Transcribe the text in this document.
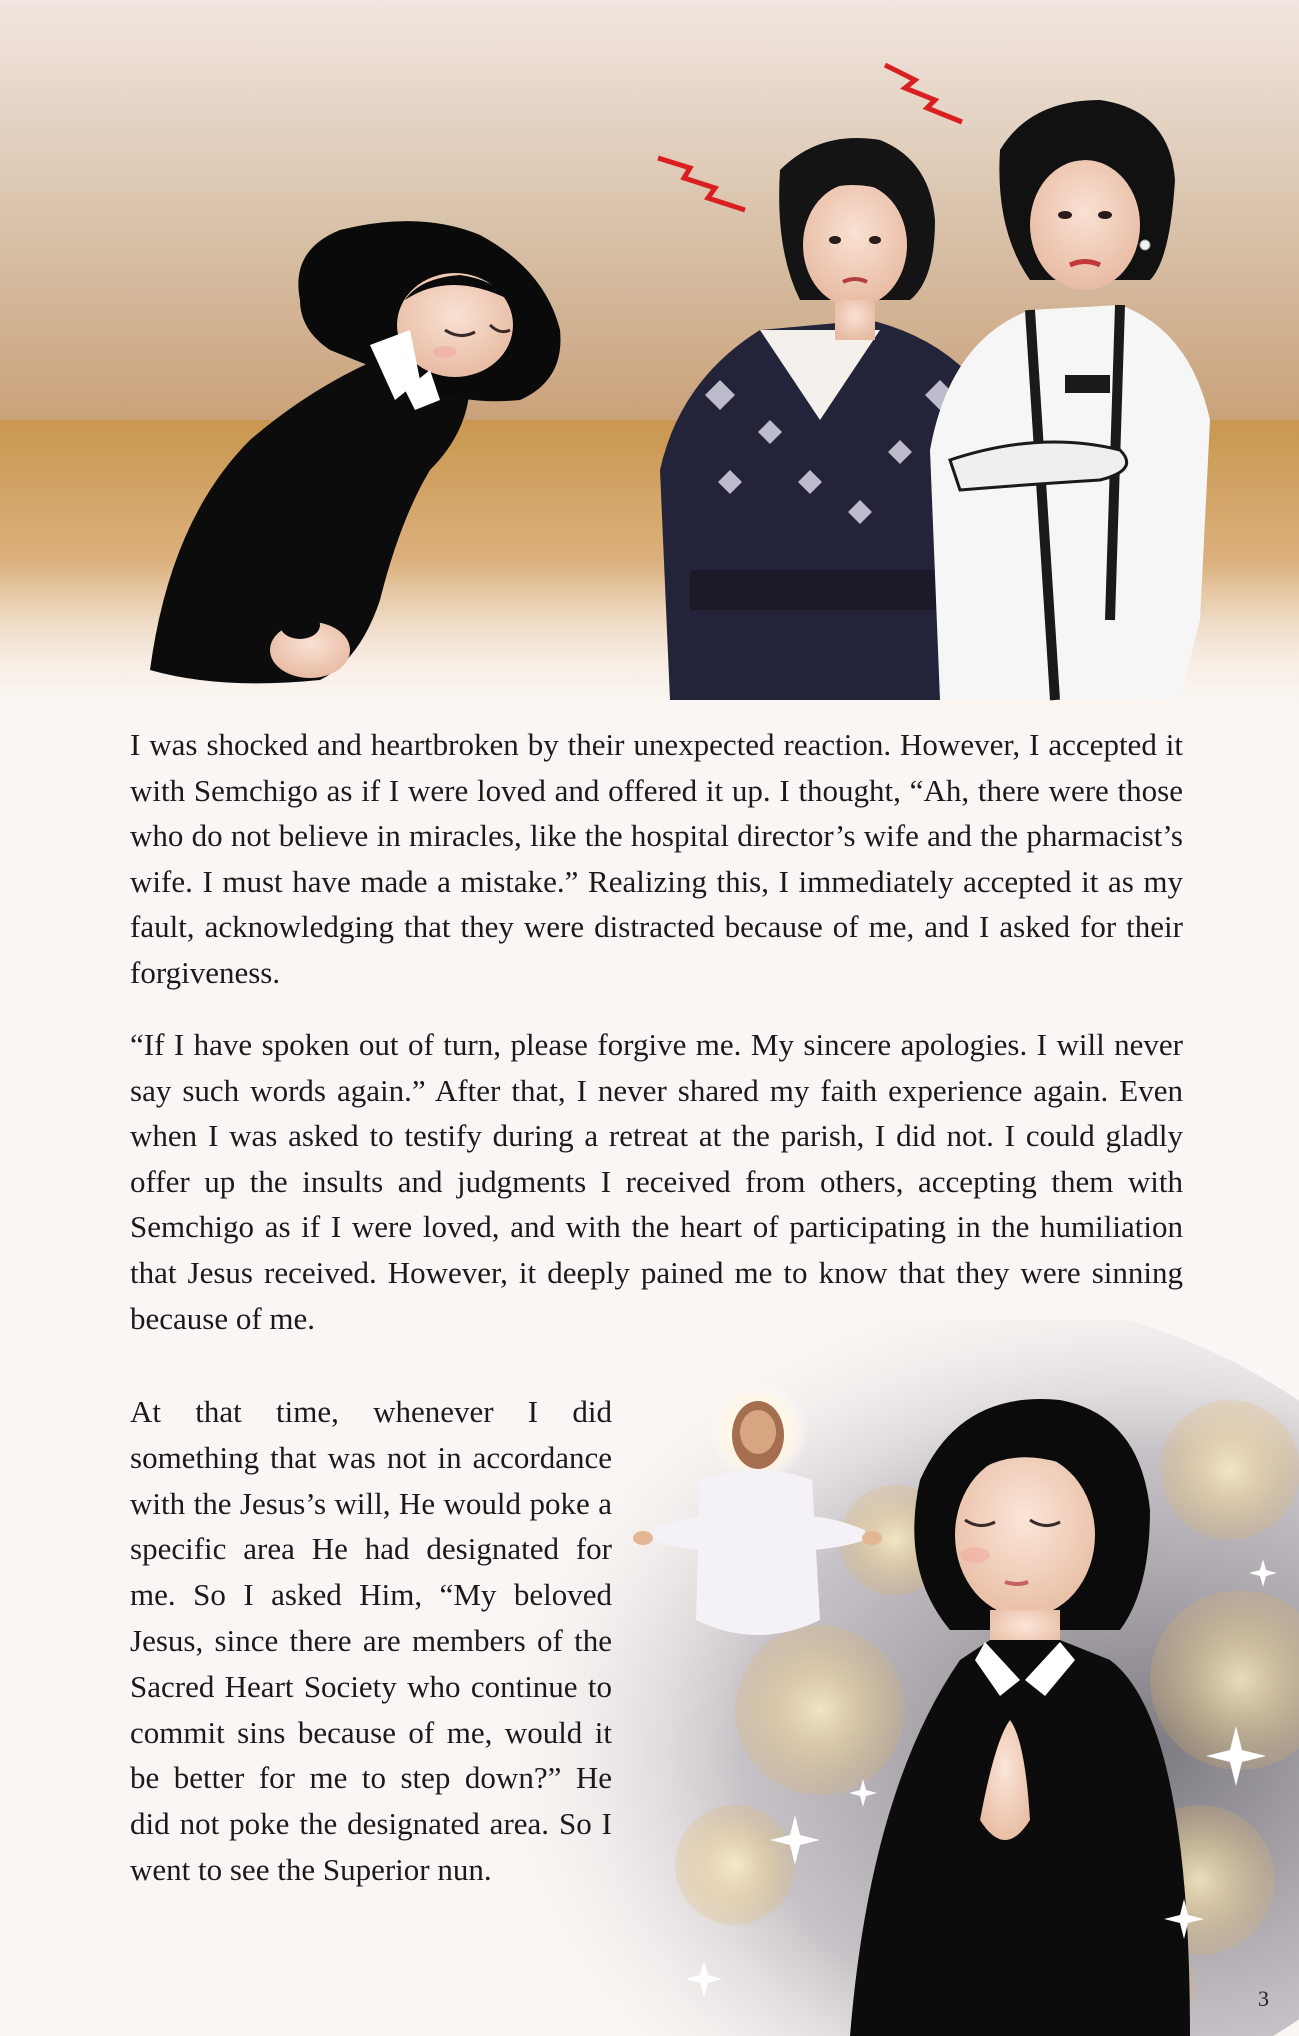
I was shocked and heartbroken by their unexpected reaction. However, I accepted it with Semchigo as if I were loved and offered it up. I thought, “Ah, there were those who do not believe in miracles, like the hospital director’s wife and the pharmacist’s wife. I must have made a mistake.” Realizing this, I immediately accepted it as my fault, acknowledging that they were distracted because of me, and I asked for their forgiveness.

“If I have spoken out of turn, please forgive me. My sincere apologies. I will never say such words again.” After that, I never shared my faith experience again. Even when I was asked to testify during a retreat at the parish, I did not. I could gladly offer up the insults and judgments I received from others, accepting them with Semchigo as if I were loved, and with the heart of participating in the humiliation that Jesus received. However, it deeply pained me to know that they were sinning because of me.

At that time, whenever I did something that was not in accordance with the Jesus’s will, He would poke a specific area He had designated for me. So I asked Him, “My beloved Jesus, since there are members of the Sacred Heart Society who continue to commit sins because of me, would it be better for me to step down?” He did not poke the designated area. So I went to see the Superior nun.

3
